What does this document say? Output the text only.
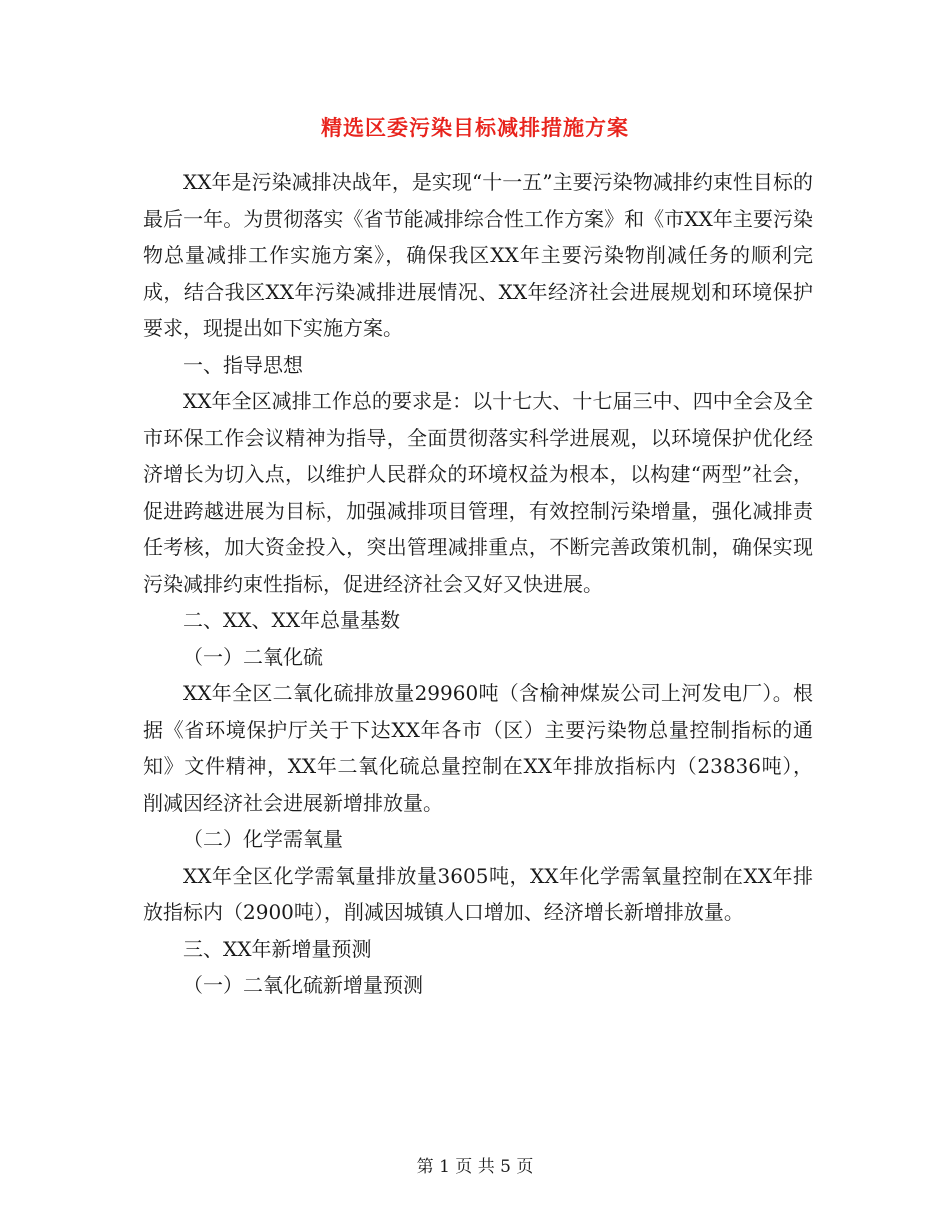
精选区委污染目标减排措施方案

XX年是污染减排决战年，是实现“十一五”主要污染物减排约束性目标的最后一年。为贯彻落实《省节能减排综合性工作方案》和《市XX年主要污染物总量减排工作实施方案》，确保我区XX年主要污染物削减任务的顺利完成，结合我区XX年污染减排进展情况、XX年经济社会进展规划和环境保护要求，现提出如下实施方案。

一、指导思想

XX年全区减排工作总的要求是：以十七大、十七届三中、四中全会及全市环保工作会议精神为指导，全面贯彻落实科学进展观，以环境保护优化经济增长为切入点，以维护人民群众的环境权益为根本，以构建“两型”社会，促进跨越进展为目标，加强减排项目管理，有效控制污染增量，强化减排责任考核，加大资金投入，突出管理减排重点，不断完善政策机制，确保实现污染减排约束性指标，促进经济社会又好又快进展。

二、XX、XX年总量基数

（一）二氧化硫

XX年全区二氧化硫排放量29960吨（含榆神煤炭公司上河发电厂）。根据《省环境保护厅关于下达XX年各市（区）主要污染物总量控制指标的通知》文件精神，XX年二氧化硫总量控制在XX年排放指标内（23836吨），削减因经济社会进展新增排放量。

（二）化学需氧量

XX年全区化学需氧量排放量3605吨，XX年化学需氧量控制在XX年排放指标内（2900吨），削减因城镇人口增加、经济增长新增排放量。

三、XX年新增量预测

（一）二氧化硫新增量预测

第 1 页 共 5 页
